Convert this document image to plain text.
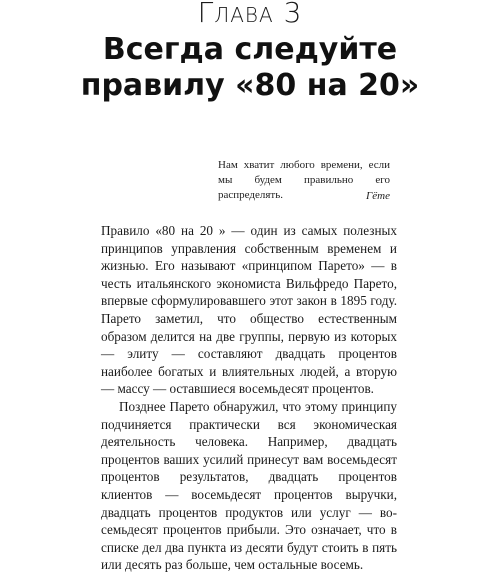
Глава 3
Всегда следуйте правилу «80 на 20»
Нам хватит любого времени, если мы будем правильно его распределять.	Гёте

Правило «80 на 20 » — один из самых полезных принципов управления собственным временем и жизнью. Его называют «принципом Парето» — в честь итальянского экономиста Вильфредо Парето, впервые сформулировавшего этот закон в 1895 году. Парето заметил, что общество естественным образом делится на две группы, первую из которых — элиту — составляют двадцать процентов наиболее богатых и влиятельных людей, а вторую — массу — оставшиеся восемьдесят процентов.

Позднее Парето обнаружил, что этому принципу подчиняется практически вся экономическая деятельность человека. Например, двадцать процентов ваших усилий принесут вам восемьдесят процентов результатов, двадцать процентов клиентов — восемьдесят процентов выручки, двадцать процентов продуктов или услуг — восемьдесят процентов прибыли. Это означает, что в списке дел два пункта из десяти будут стоить в пять или десять раз больше, чем остальные восемь.
